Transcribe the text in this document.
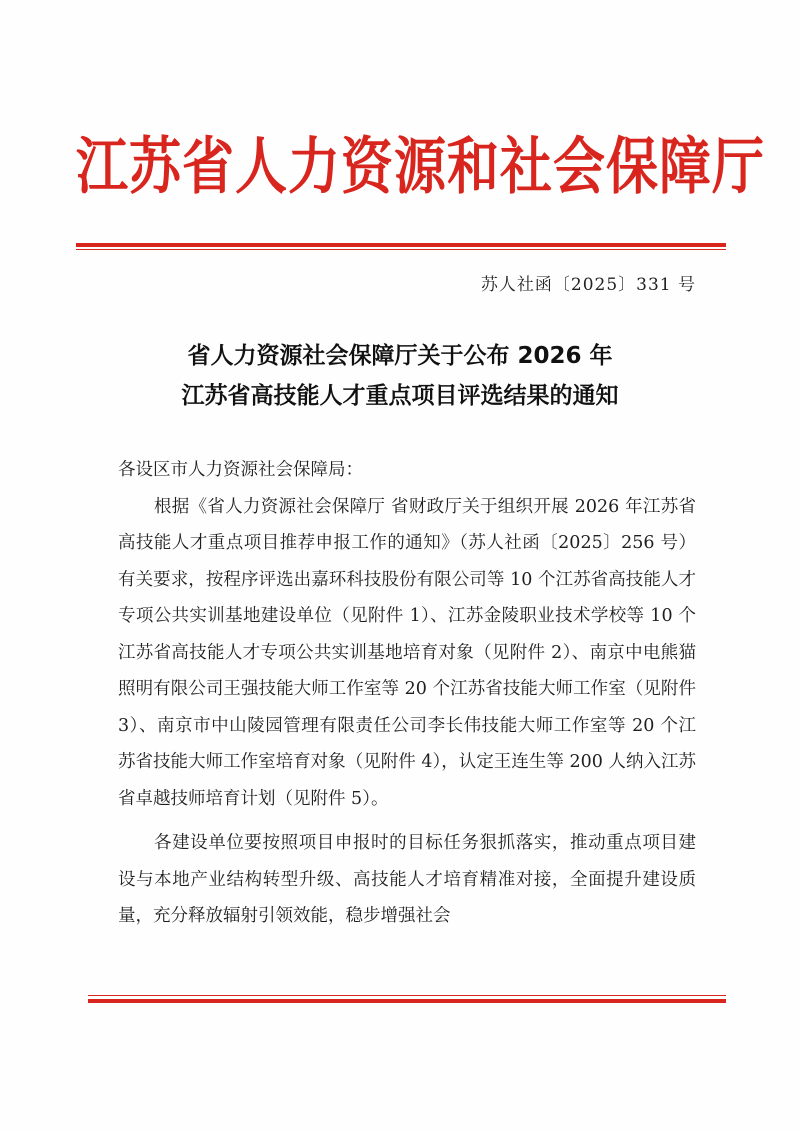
江苏省人力资源和社会保障厅
苏人社函〔2025〕331 号
省人力资源社会保障厅关于公布 2026 年
江苏省高技能人才重点项目评选结果的通知

各设区市人力资源社会保障局：

根据《省人力资源社会保障厅 省财政厅关于组织开展 2026 年江苏省高技能人才重点项目推荐申报工作的通知》（苏人社函〔2025〕256 号）有关要求，按程序评选出嘉环科技股份有限公司等 10 个江苏省高技能人才专项公共实训基地建设单位（见附件 1）、江苏金陵职业技术学校等 10 个江苏省高技能人才专项公共实训基地培育对象（见附件 2）、南京中电熊猫照明有限公司王强技能大师工作室等 20 个江苏省技能大师工作室（见附件 3）、南京市中山陵园管理有限责任公司李长伟技能大师工作室等 20 个江苏省技能大师工作室培育对象（见附件 4），认定王连生等 200 人纳入江苏省卓越技师培育计划（见附件 5）。

各建设单位要按照项目申报时的目标任务狠抓落实，推动重点项目建设与本地产业结构转型升级、高技能人才培育精准对接，全面提升建设质量，充分释放辐射引领效能，稳步增强社会
